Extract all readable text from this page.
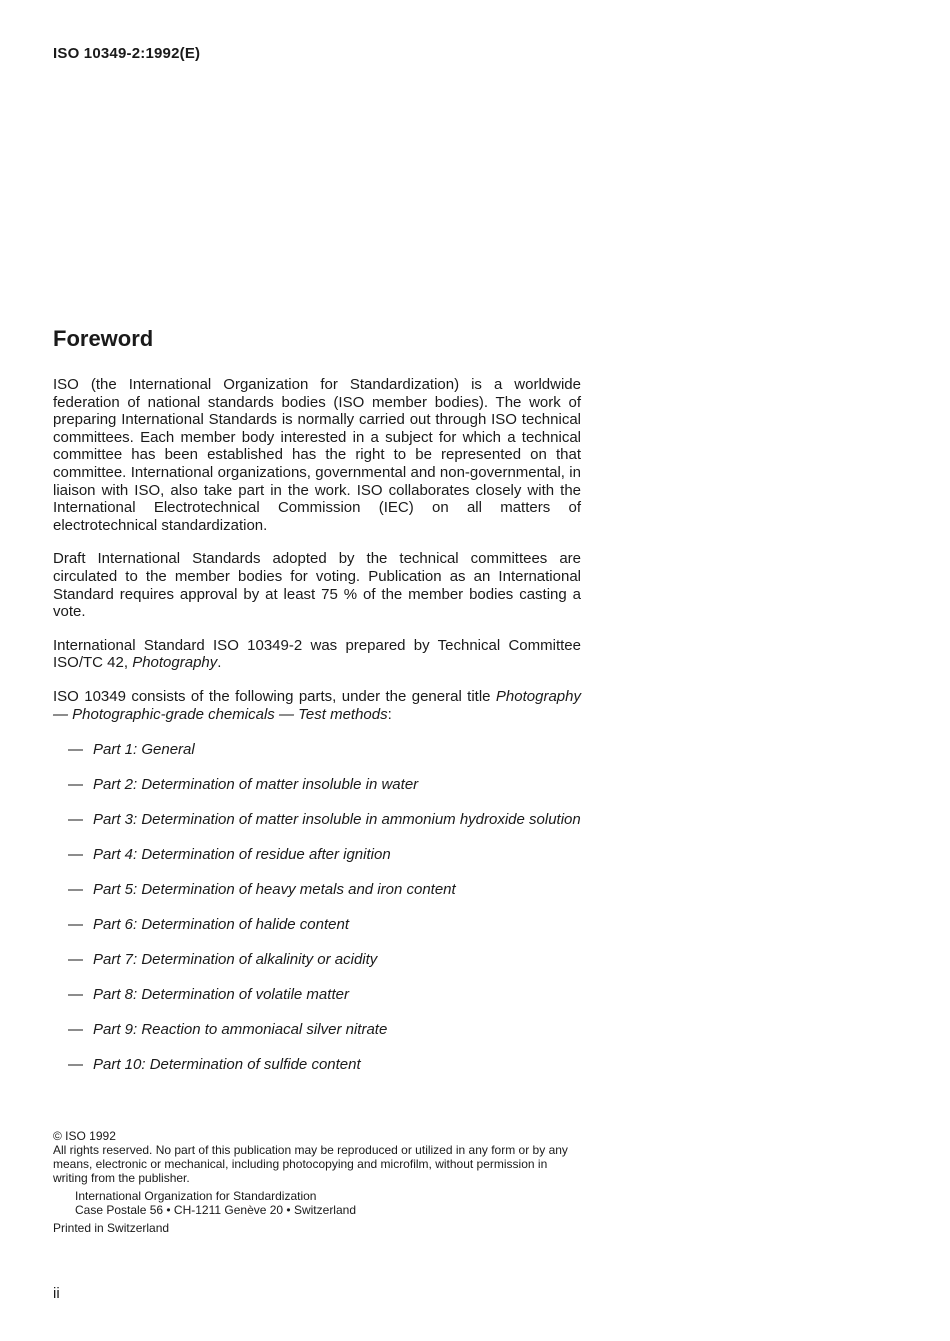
ISO 10349-2:1992(E)
Foreword

ISO (the International Organization for Standardization) is a worldwide federation of national standards bodies (ISO member bodies). The work of preparing International Standards is normally carried out through ISO technical committees. Each member body interested in a subject for which a technical committee has been established has the right to be represented on that committee. International organizations, governmental and non-governmental, in liaison with ISO, also take part in the work. ISO collaborates closely with the International Electrotechnical Commission (IEC) on all matters of electrotechnical standardization.

Draft International Standards adopted by the technical committees are circulated to the member bodies for voting. Publication as an International Standard requires approval by at least 75 % of the member bodies casting a vote.

International Standard ISO 10349-2 was prepared by Technical Committee ISO/TC 42, Photography.

ISO 10349 consists of the following parts, under the general title Photography — Photographic-grade chemicals — Test methods:

— Part 1: General
— Part 2: Determination of matter insoluble in water
— Part 3: Determination of matter insoluble in ammonium hydroxide solution
— Part 4: Determination of residue after ignition
— Part 5: Determination of heavy metals and iron content
— Part 6: Determination of halide content
— Part 7: Determination of alkalinity or acidity
— Part 8: Determination of volatile matter
— Part 9: Reaction to ammoniacal silver nitrate
— Part 10: Determination of sulfide content

© ISO 1992

All rights reserved. No part of this publication may be reproduced or utilized in any form or by any means, electronic or mechanical, including photocopying and microfilm, without permission in writing from the publisher.

International Organization for Standardization

Case Postale 56 • CH-1211 Genève 20 • Switzerland

Printed in Switzerland

ii
